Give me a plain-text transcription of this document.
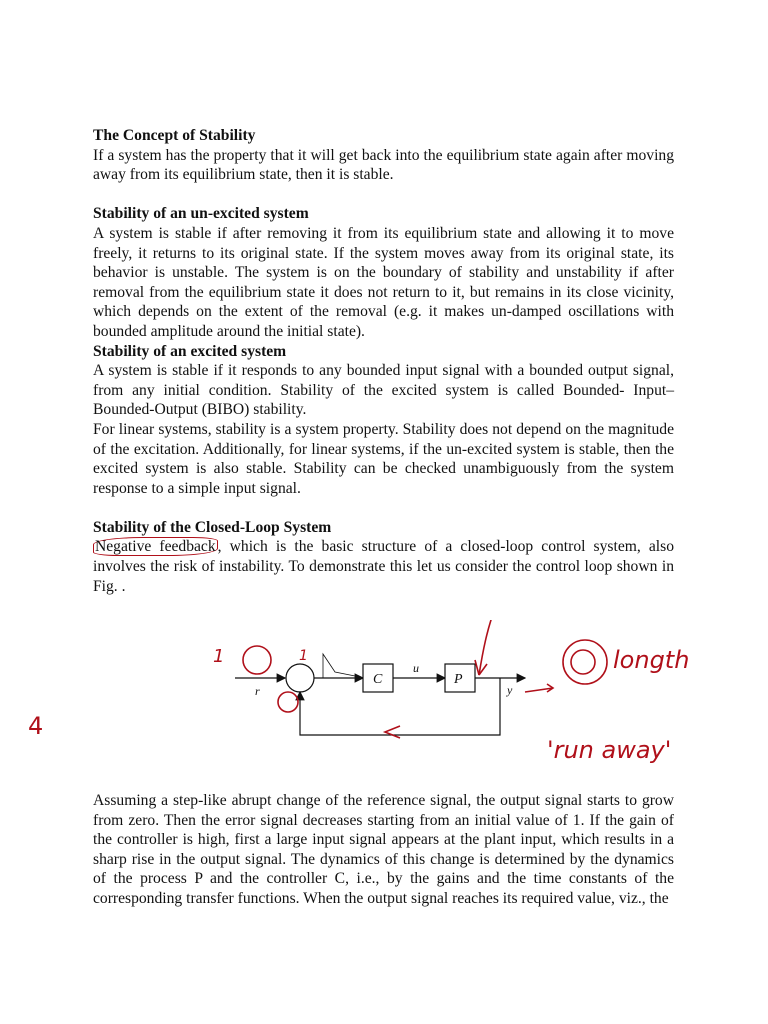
The Concept of Stability

If a system has the property that it will get back into the equilibrium state again after moving away from its equilibrium state, then it is stable.

Stability of an un-excited system

A system is stable if after removing it from its equilibrium state and allowing it to move freely, it returns to its original state. If the system moves away from its original state, its behavior is unstable. The system is on the boundary of stability and unstability if after removal from the equilibrium state it does not return to it, but remains in its close vicinity, which depends on the extent of the removal (e.g. it makes un-damped oscillations with bounded amplitude around the initial state).

Stability of an excited system

A system is stable if it responds to any bounded input signal with a bounded output signal, from any initial condition. Stability of the excited system is called Bounded- Input–Bounded-Output (BIBO) stability.

For linear systems, stability is a system property. Stability does not depend on the magnitude of the excitation. Additionally, for linear systems, if the un-excited system is stable, then the excited system is also stable. Stability can be checked unambiguously from the system response to a simple input signal.

Stability of the Closed-Loop System

Negative feedback , which is the basic structure of a closed-loop control system, also involves the risk of instability. To demonstrate this let us consider the control loop shown in Fig. .

C
u
P
y
r
1	1	longth
'run away'
4

Assuming a step-like abrupt change of the reference signal, the output signal starts to grow from zero. Then the error signal decreases starting from an initial value of 1. If the gain of the controller is high, first a large input signal appears at the plant input, which results in a sharp rise in the output signal. The dynamics of this change is determined by the dynamics of the process P and the controller C, i.e., by the gains and the time constants of the corresponding transfer functions. When the output signal reaches its required value, viz., the
